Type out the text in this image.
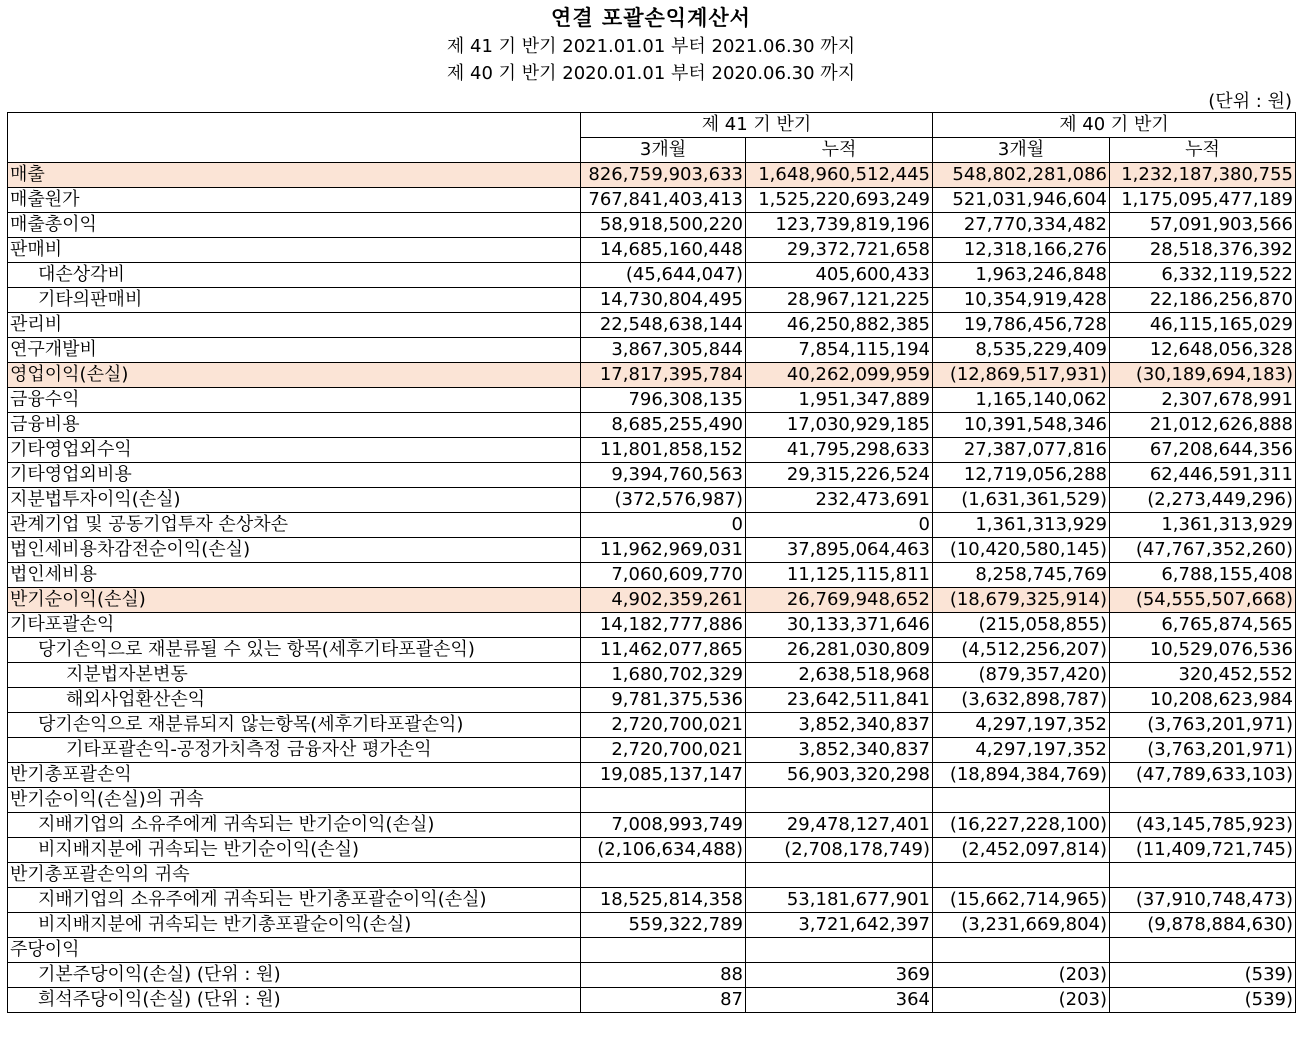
연결 포괄손익계산서
제 41 기 반기 2021.01.01 부터 2021.06.30 까지
제 40 기 반기 2020.01.01 부터 2020.06.30 까지
(단위 : 원)
	제 41 기 반기		제 40 기 반기	
	3개월	누적	3개월	누적
매출	826,759,903,633	1,648,960,512,445	548,802,281,086	1,232,187,380,755
매출원가	767,841,403,413	1,525,220,693,249	521,031,946,604	1,175,095,477,189
매출총이익	58,918,500,220	123,739,819,196	27,770,334,482	57,091,903,566
판매비	14,685,160,448	29,372,721,658	12,318,166,276	28,518,376,392
대손상각비	(45,644,047)	405,600,433	1,963,246,848	6,332,119,522
기타의판매비	14,730,804,495	28,967,121,225	10,354,919,428	22,186,256,870
관리비	22,548,638,144	46,250,882,385	19,786,456,728	46,115,165,029
연구개발비	3,867,305,844	7,854,115,194	8,535,229,409	12,648,056,328
영업이익(손실)	17,817,395,784	40,262,099,959	(12,869,517,931)	(30,189,694,183)
금융수익	796,308,135	1,951,347,889	1,165,140,062	2,307,678,991
금융비용	8,685,255,490	17,030,929,185	10,391,548,346	21,012,626,888
기타영업외수익	11,801,858,152	41,795,298,633	27,387,077,816	67,208,644,356
기타영업외비용	9,394,760,563	29,315,226,524	12,719,056,288	62,446,591,311
지분법투자이익(손실)	(372,576,987)	232,473,691	(1,631,361,529)	(2,273,449,296)
관계기업 및 공동기업투자 손상차손	0	0	1,361,313,929	1,361,313,929
법인세비용차감전순이익(손실)	11,962,969,031	37,895,064,463	(10,420,580,145)	(47,767,352,260)
법인세비용	7,060,609,770	11,125,115,811	8,258,745,769	6,788,155,408
반기순이익(손실)	4,902,359,261	26,769,948,652	(18,679,325,914)	(54,555,507,668)
기타포괄손익	14,182,777,886	30,133,371,646	(215,058,855)	6,765,874,565
당기손익으로 재분류될 수 있는 항목(세후기타포괄손익)	11,462,077,865	26,281,030,809	(4,512,256,207)	10,529,076,536
지분법자본변동	1,680,702,329	2,638,518,968	(879,357,420)	320,452,552
해외사업환산손익	9,781,375,536	23,642,511,841	(3,632,898,787)	10,208,623,984
당기손익으로 재분류되지 않는항목(세후기타포괄손익)	2,720,700,021	3,852,340,837	4,297,197,352	(3,763,201,971)
기타포괄손익-공정가치측정 금융자산 평가손익	2,720,700,021	3,852,340,837	4,297,197,352	(3,763,201,971)
반기총포괄손익	19,085,137,147	56,903,320,298	(18,894,384,769)	(47,789,633,103)
반기순이익(손실)의 귀속				
지배기업의 소유주에게 귀속되는 반기순이익(손실)	7,008,993,749	29,478,127,401	(16,227,228,100)	(43,145,785,923)
비지배지분에 귀속되는 반기순이익(손실)	(2,106,634,488)	(2,708,178,749)	(2,452,097,814)	(11,409,721,745)
반기총포괄손익의 귀속				
지배기업의 소유주에게 귀속되는 반기총포괄순이익(손실)	18,525,814,358	53,181,677,901	(15,662,714,965)	(37,910,748,473)
비지배지분에 귀속되는 반기총포괄순이익(손실)	559,322,789	3,721,642,397	(3,231,669,804)	(9,878,884,630)
주당이익				
기본주당이익(손실) (단위 : 원)	88	369	(203)	(539)
희석주당이익(손실) (단위 : 원)	87	364	(203)	(539)
